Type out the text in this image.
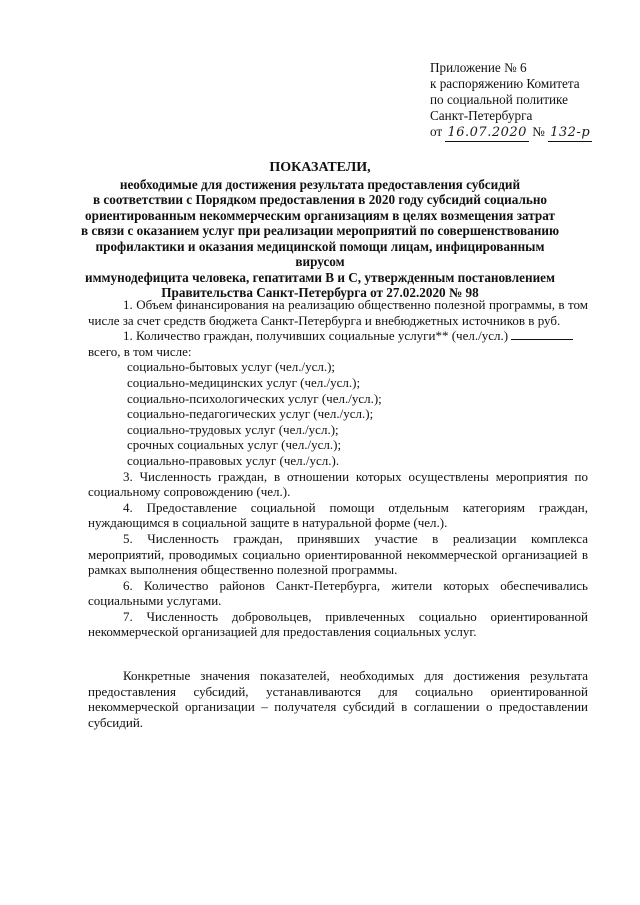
Приложение № 6
к распоряжению Комитета
по социальной политике
Санкт-Петербурга
от 16.07.2020 № 132-р
ПОКАЗАТЕЛИ,
необходимые для достижения результата предоставления субсидий
в соответствии с Порядком предоставления в 2020 году субсидий социально
ориентированным некоммерческим организациям в целях возмещения затрат
в связи с оказанием услуг при реализации мероприятий по совершенствованию
профилактики и оказания медицинской помощи лицам, инфицированным вирусом
иммунодефицита человека, гепатитами B и C, утвержденным постановлением
Правительства Санкт-Петербурга от 27.02.2020 № 98

1. Объем финансирования на реализацию общественно полезной программы, в том числе за счет средств бюджета Санкт-Петербурга и внебюджетных источников в руб.

1. Количество граждан, получивших социальные услуги** (чел./усл.)

всего, в том числе:

социально-бытовых услуг (чел./усл.);

социально-медицинских услуг (чел./усл.);

социально-психологических услуг (чел./усл.);

социально-педагогических услуг (чел./усл.);

социально-трудовых услуг (чел./усл.);

срочных социальных услуг (чел./усл.);

социально-правовых услуг (чел./усл.).

3. Численность граждан, в отношении которых осуществлены мероприятия по социальному сопровождению (чел.).

4. Предоставление социальной помощи отдельным категориям граждан, нуждающимся в социальной защите в натуральной форме (чел.).

5. Численность граждан, принявших участие в реализации комплекса мероприятий, проводимых социально ориентированной некоммерческой организацией в рамках выполнения общественно полезной программы.

6. Количество районов Санкт-Петербурга, жители которых обеспечивались социальными услугами.

7. Численность добровольцев, привлеченных социально ориентированной некоммерческой организацией для предоставления социальных услуг.

Конкретные значения показателей, необходимых для достижения результата предоставления субсидий, устанавливаются для социально ориентированной некоммерческой организации – получателя субсидий в соглашении о предоставлении субсидий.
